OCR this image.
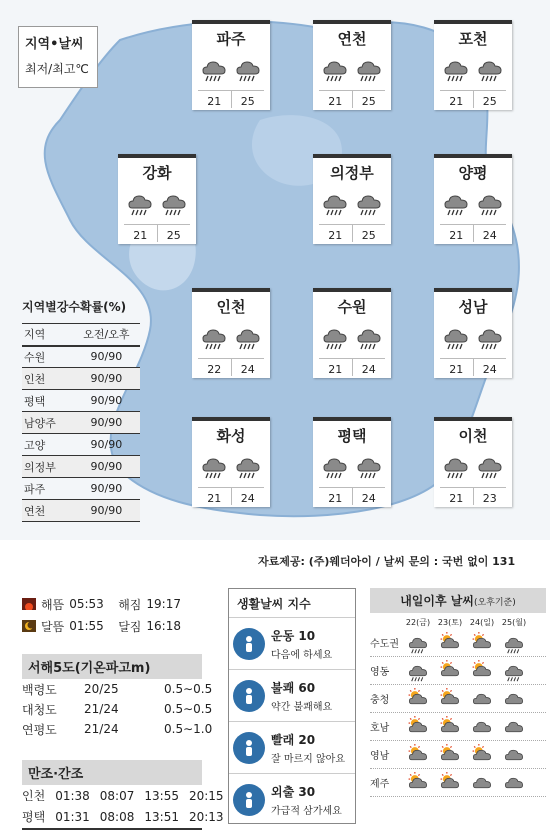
지역•날씨
최저/최고℃
파주
21	25
연천
21	25
포천
21	25
강화
21	25
의정부
21	25
양평
21	24
인천
22	24
수원
21	24
성남
21	24
화성
21	24
평택
21	24
이천
21	23
지역별강수확률(%)
지역	오전/오후
수원	90/90
인천	90/90
평택	90/90
남양주	90/90
고양	90/90
의정부	90/90
파주	90/90
연천	90/90
자료제공: (주)웨더아이 / 날씨 문의 : 국번 없이 131
해뜸 05:53	해짐 19:17
달뜸 01:55	달짐 16:18
서해5도(기온파고m)
백령도	20/25	0.5∼0.5
대청도	21/24	0.5∼0.5
연평도	21/24	0.5∼1.0
만조·간조
인천 01:38 08:07 13:55 20:15
평택 01:31 08:08 13:51 20:13
생활날씨 지수
운동 10
다음에 하세요
불쾌 60
약간 불쾌해요
빨래 20
잘 마르지 않아요
외출 30
가급적 삼가세요
내일이후 날씨(오후기준)
22(금) 23(토) 24(일) 25(월)
수도권
영동
충청
호남
영남
제주
